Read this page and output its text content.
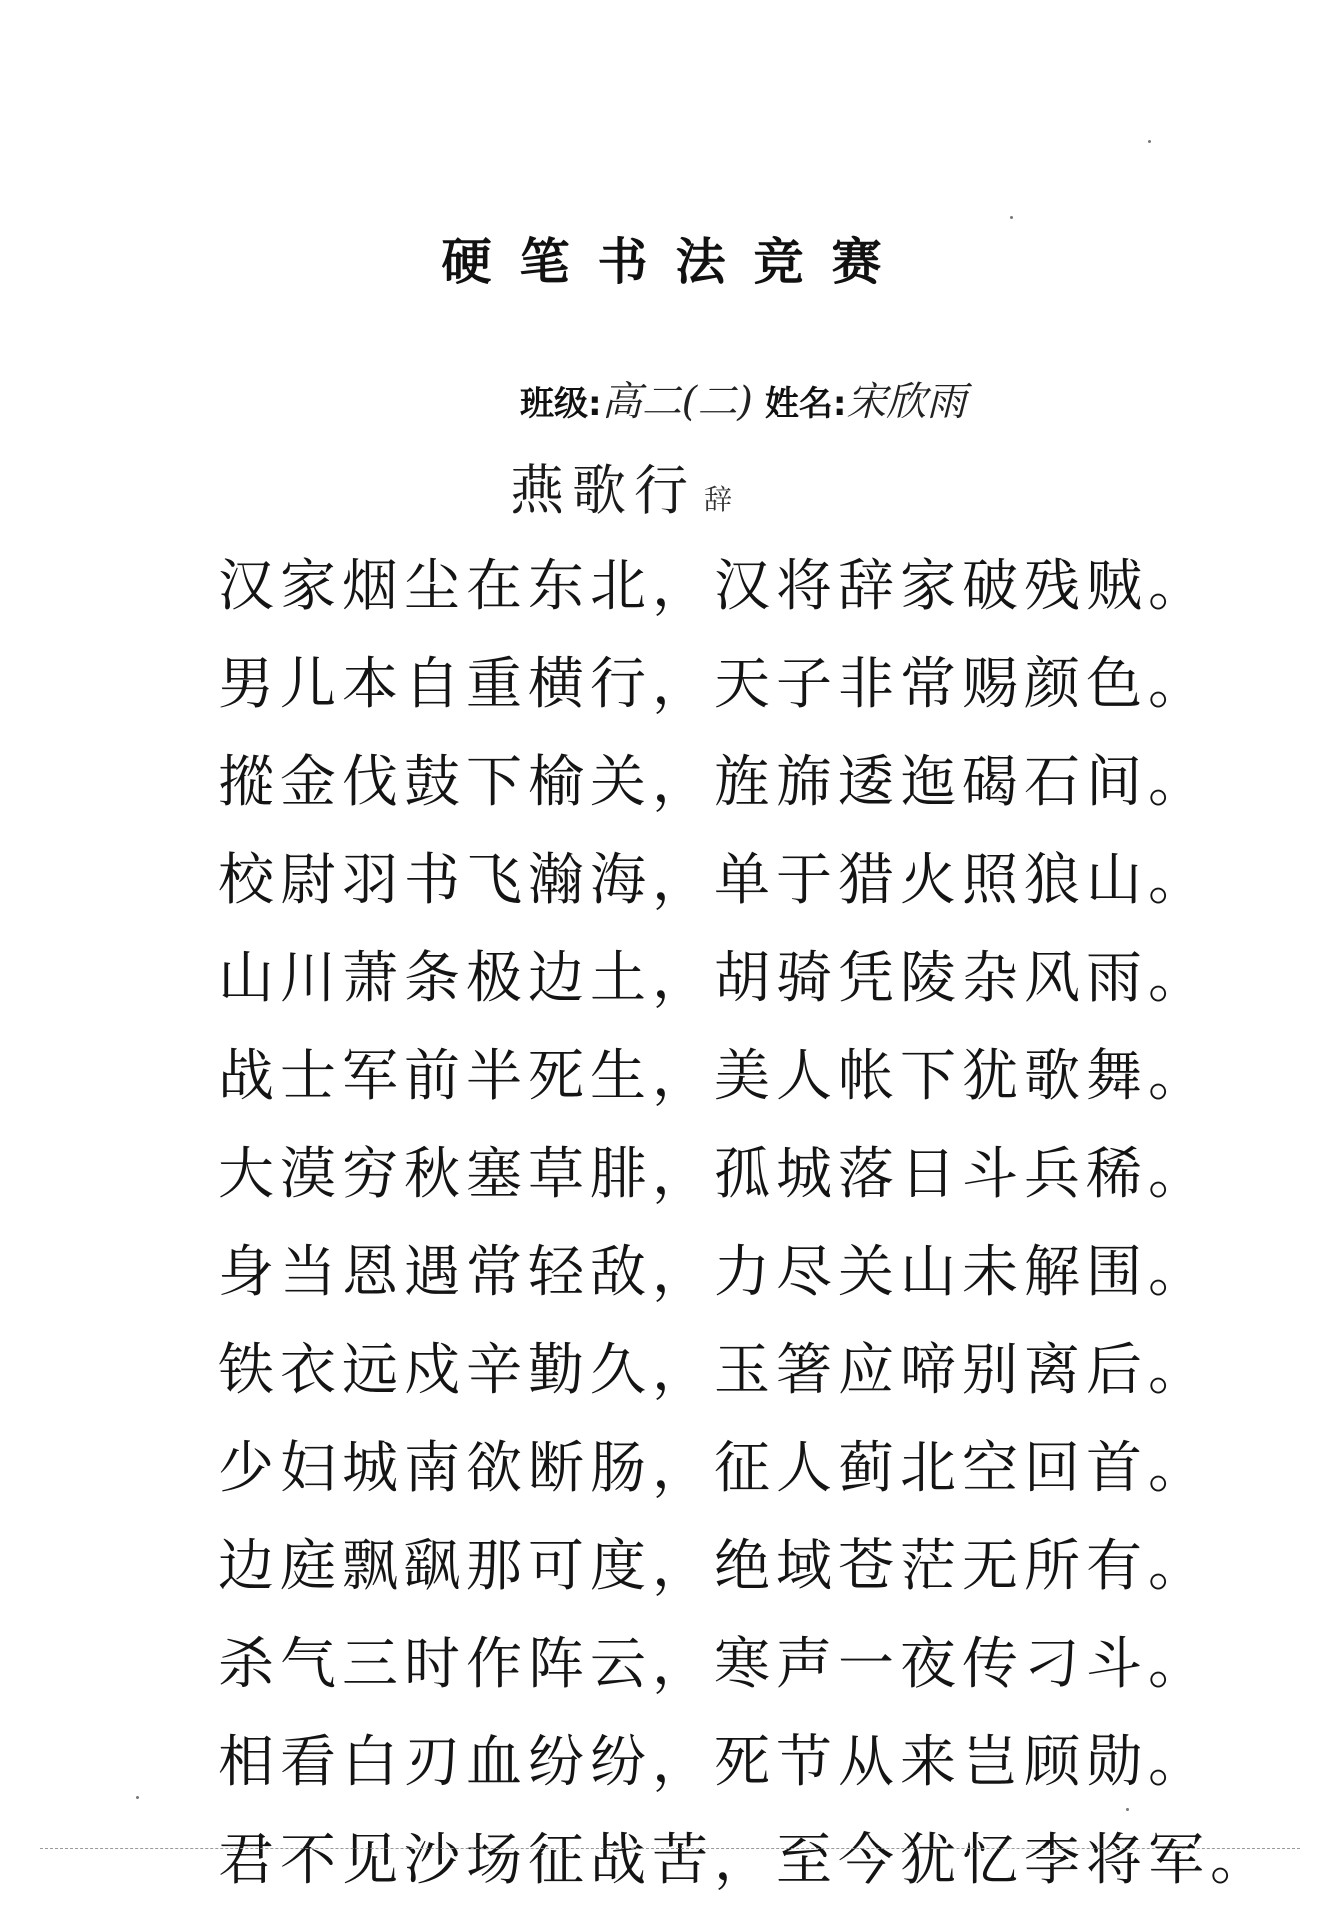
硬笔书法竞赛
班级: 高二(二) 姓名: 宋欣雨
燕歌行 辞
汉家烟尘在东北，汉将辞家破残贼。
男儿本自重横行，天子非常赐颜色。
摐金伐鼓下榆关，旌旆逶迤碣石间。
校尉羽书飞瀚海，单于猎火照狼山。
山川萧条极边土，胡骑凭陵杂风雨。
战士军前半死生，美人帐下犹歌舞。
大漠穷秋塞草腓，孤城落日斗兵稀。
身当恩遇常轻敌，力尽关山未解围。
铁衣远戍辛勤久，玉箸应啼别离后。
少妇城南欲断肠，征人蓟北空回首。
边庭飘飖那可度，绝域苍茫无所有。
杀气三时作阵云，寒声一夜传刁斗。
相看白刃血纷纷，死节从来岂顾勋。
君不见沙场征战苦，至今犹忆李将军。
